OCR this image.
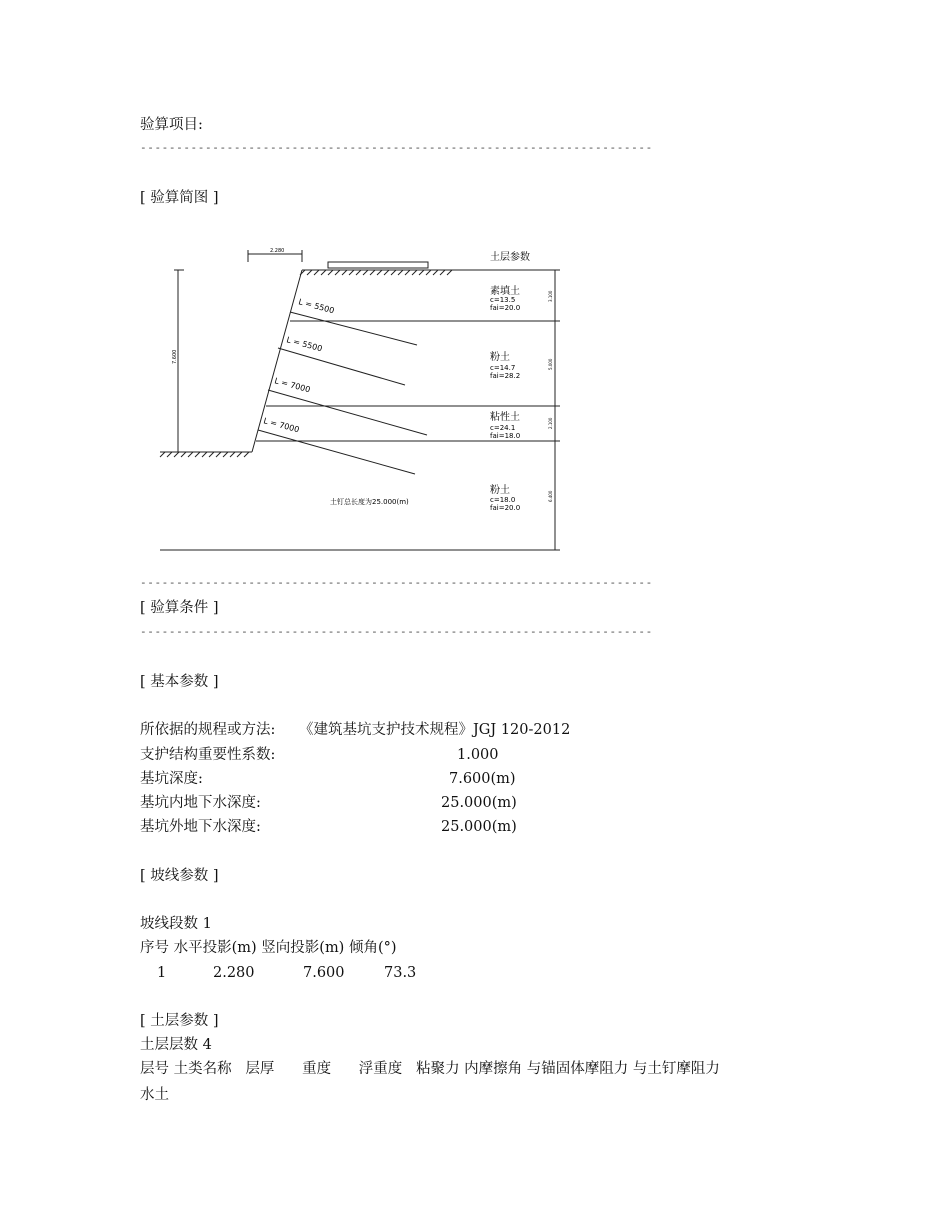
验算项目:
-----------------------------------------------------------------------
[ 验算简图 ]
2.280
7.600
土层参数
L = 5500
L = 5500
L = 7000
L = 7000
土钉总长度为25.000(m)
素填土
c=13.5
fai=20.0
粉土
c=14.7
fai=28.2
粘性土
c=24.1
fai=18.0
粉土
c=18.0
fai=20.0
3.100
5.000
2.100
6.400
-----------------------------------------------------------------------
[ 验算条件 ]
-----------------------------------------------------------------------
[ 基本参数 ]
所依据的规程或方法: 《建筑基坑支护技术规程》JGJ 120-2012
支护结构重要性系数:	1.000
基坑深度:	7.600(m)
基坑内地下水深度:	25.000(m)
基坑外地下水深度:	25.000(m)
[ 坡线参数 ]
坡线段数 1
序号 水平投影(m) 竖向投影(m) 倾角(°)
1	2.280	7.600	73.3
[ 土层参数 ]
土层层数 4
层号 土类名称   层厚      重度      浮重度   粘聚力 内摩擦角 与锚固体摩阻力 与土钉摩阻力
水土
